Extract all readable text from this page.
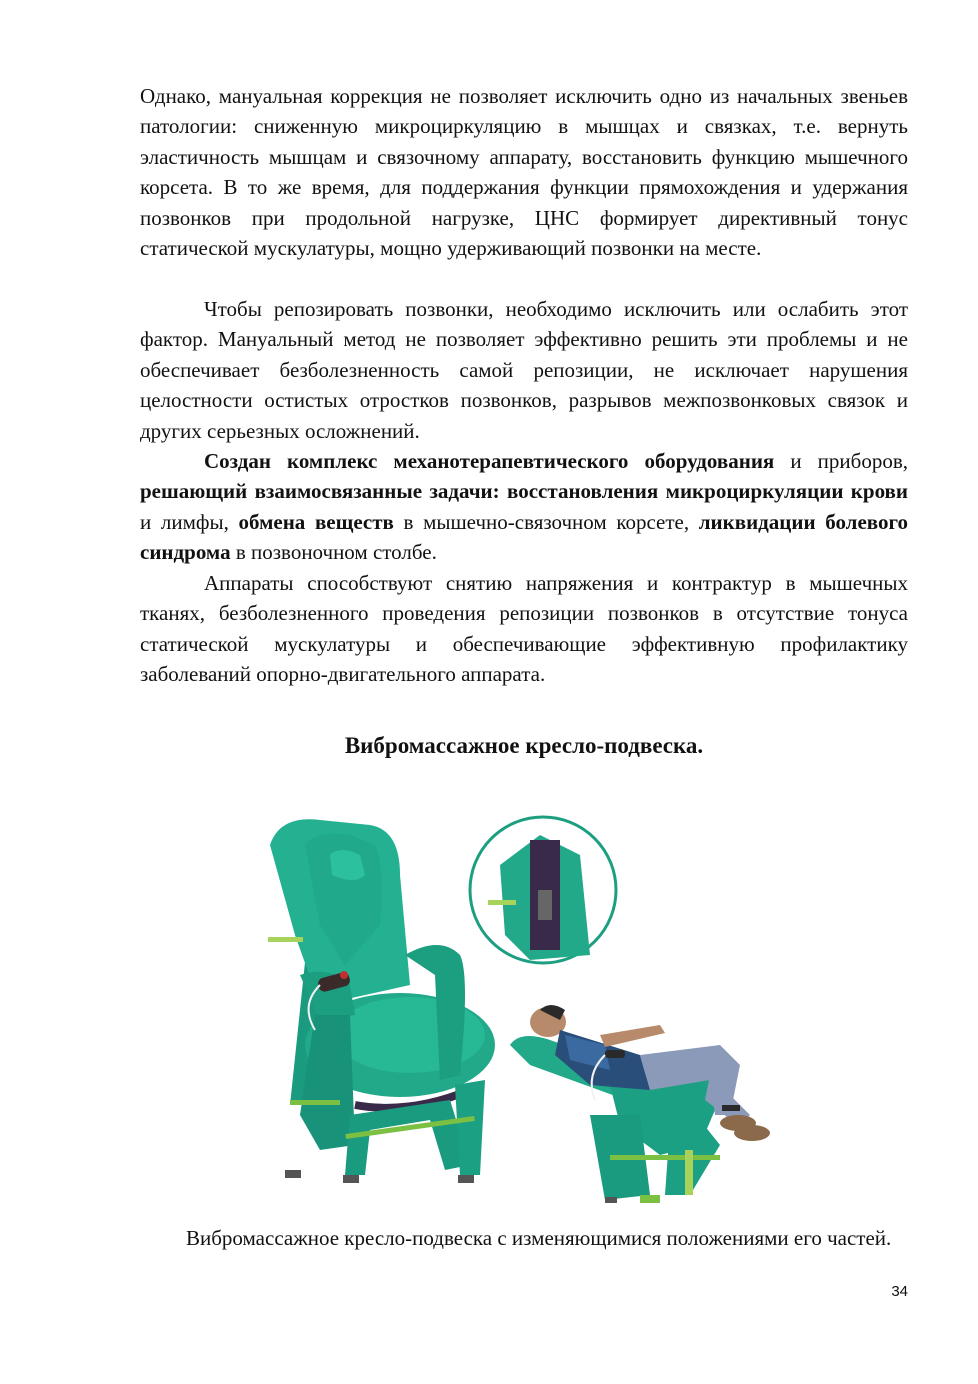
Однако, мануальная коррекция не позволяет исключить одно из начальных звеньев патологии: сниженную микроциркуляцию в мышцах и связках, т.е. вернуть эластичность мышцам и связочному аппарату, восстановить функцию мышечного корсета. В то же время, для поддержания функции прямохождения и удержания позвонков при продольной нагрузке, ЦНС формирует директивный тонус статической мускулатуры, мощно удерживающий позвонки на месте.

Чтобы репозировать позвонки, необходимо исключить или ослабить этот фактор. Мануальный метод не позволяет эффективно решить эти проблемы и не обеспечивает безболезненность самой репозиции, не исключает нарушения целостности остистых отростков позвонков, разрывов межпозвонковых связок и других серьезных осложнений.

Создан комплекс механотерапевтического оборудования и приборов, решающий взаимосвязанные задачи: восстановления микроциркуляции крови и лимфы, обмена веществ в мышечно-связочном корсете, ликвидации болевого синдрома в позвоночном столбе.

Аппараты способствуют снятию напряжения и контрактур в мышечных тканях, безболезненного проведения репозиции позвонков в отсутствие тонуса статической мускулатуры и обеспечивающие эффективную профилактику заболеваний опорно-двигательного аппарата.

Вибромассажное кресло-подвеска.

Вибромассажное кресло-подвеска с изменяющимися положениями его частей.

34
